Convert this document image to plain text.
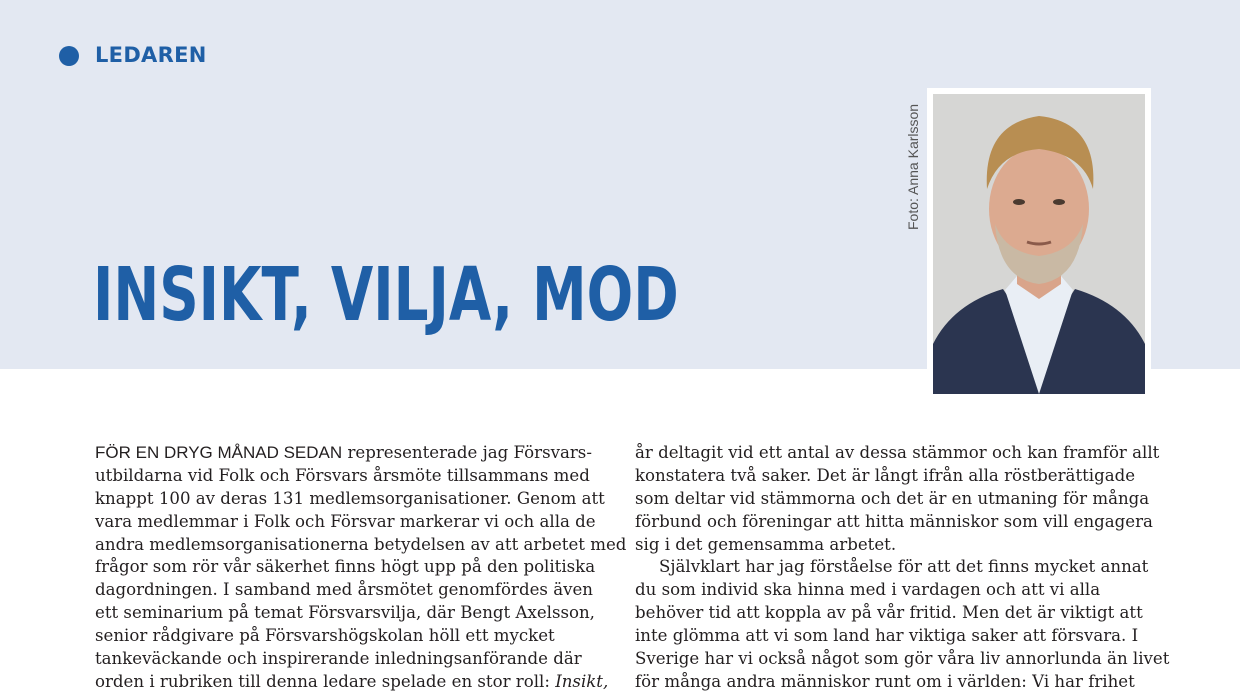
LEDAREN
INSIKT, VILJA, MOD
Foto: Anna Karlsson
FÖR EN DRYG MÅNAD SEDAN representerade jag Försvars-
utbildarna vid Folk och Försvars årsmöte tillsammans med
knappt 100 av deras 131 medlemsorganisationer. Genom att
vara medlemmar i Folk och Försvar markerar vi och alla de
andra medlemsorganisationerna betydelsen av att arbetet med
frågor som rör vår säkerhet finns högt upp på den politiska
dagordningen. I samband med årsmötet genomfördes även
ett seminarium på temat Försvarsvilja, där Bengt Axelsson,
senior rådgivare på Försvarshögskolan höll ett mycket
tankeväckande och inspirerande inledningsanförande där
orden i rubriken till denna ledare spelade en stor roll: Insikt,
år deltagit vid ett antal av dessa stämmor och kan framför allt
konstatera två saker. Det är långt ifrån alla röstberättigade
som deltar vid stämmorna och det är en utmaning för många
förbund och föreningar att hitta människor som vill engagera
sig i det gemensamma arbetet.
Självklart har jag förståelse för att det finns mycket annat
du som individ ska hinna med i vardagen och att vi alla
behöver tid att koppla av på vår fritid. Men det är viktigt att
inte glömma att vi som land har viktiga saker att försvara. I
Sverige har vi också något som gör våra liv annorlunda än livet
för många andra människor runt om i världen: Vi har frihet
